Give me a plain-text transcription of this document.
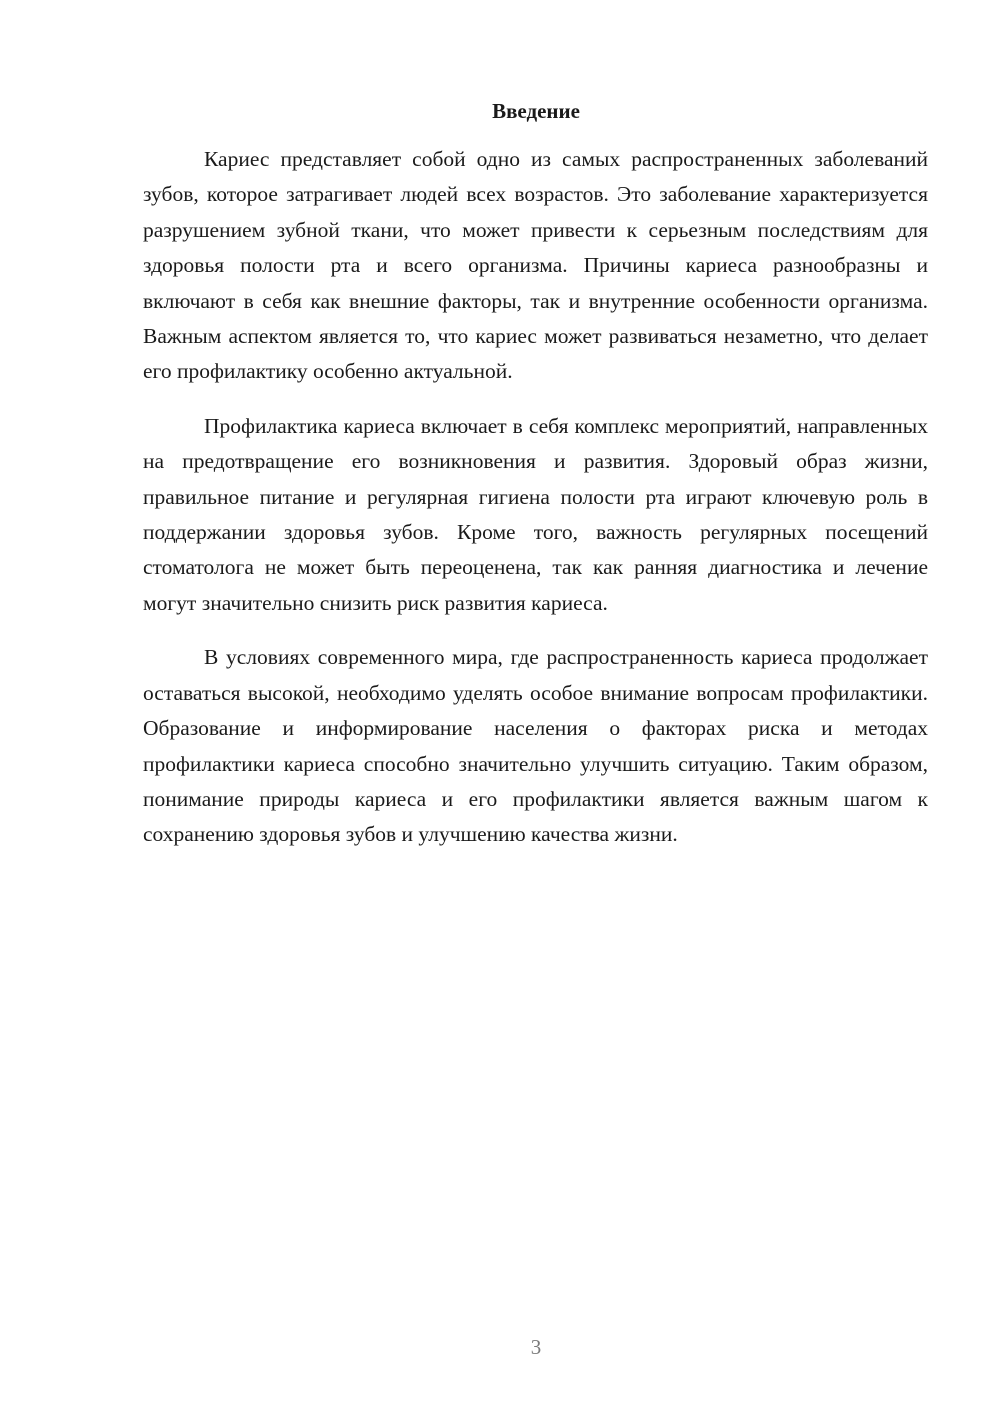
Введение

Кариес представляет собой одно из самых распространенных заболеваний зубов, которое затрагивает людей всех возрастов. Это заболевание характеризуется разрушением зубной ткани, что может привести к серьезным последствиям для здоровья полости рта и всего организма. Причины кариеса разнообразны и включают в себя как внешние факторы, так и внутренние особенности организма. Важным аспектом является то, что кариес может развиваться незаметно, что делает его профилактику особенно актуальной.

Профилактика кариеса включает в себя комплекс мероприятий, направленных на предотвращение его возникновения и развития. Здоровый образ жизни, правильное питание и регулярная гигиена полости рта играют ключевую роль в поддержании здоровья зубов. Кроме того, важность регулярных посещений стоматолога не может быть переоценена, так как ранняя диагностика и лечение могут значительно снизить риск развития кариеса.

В условиях современного мира, где распространенность кариеса продолжает оставаться высокой, необходимо уделять особое внимание вопросам профилактики. Образование и информирование населения о факторах риска и методах профилактики кариеса способно значительно улучшить ситуацию. Таким образом, понимание природы кариеса и его профилактики является важным шагом к сохранению здоровья зубов и улучшению качества жизни.

3
